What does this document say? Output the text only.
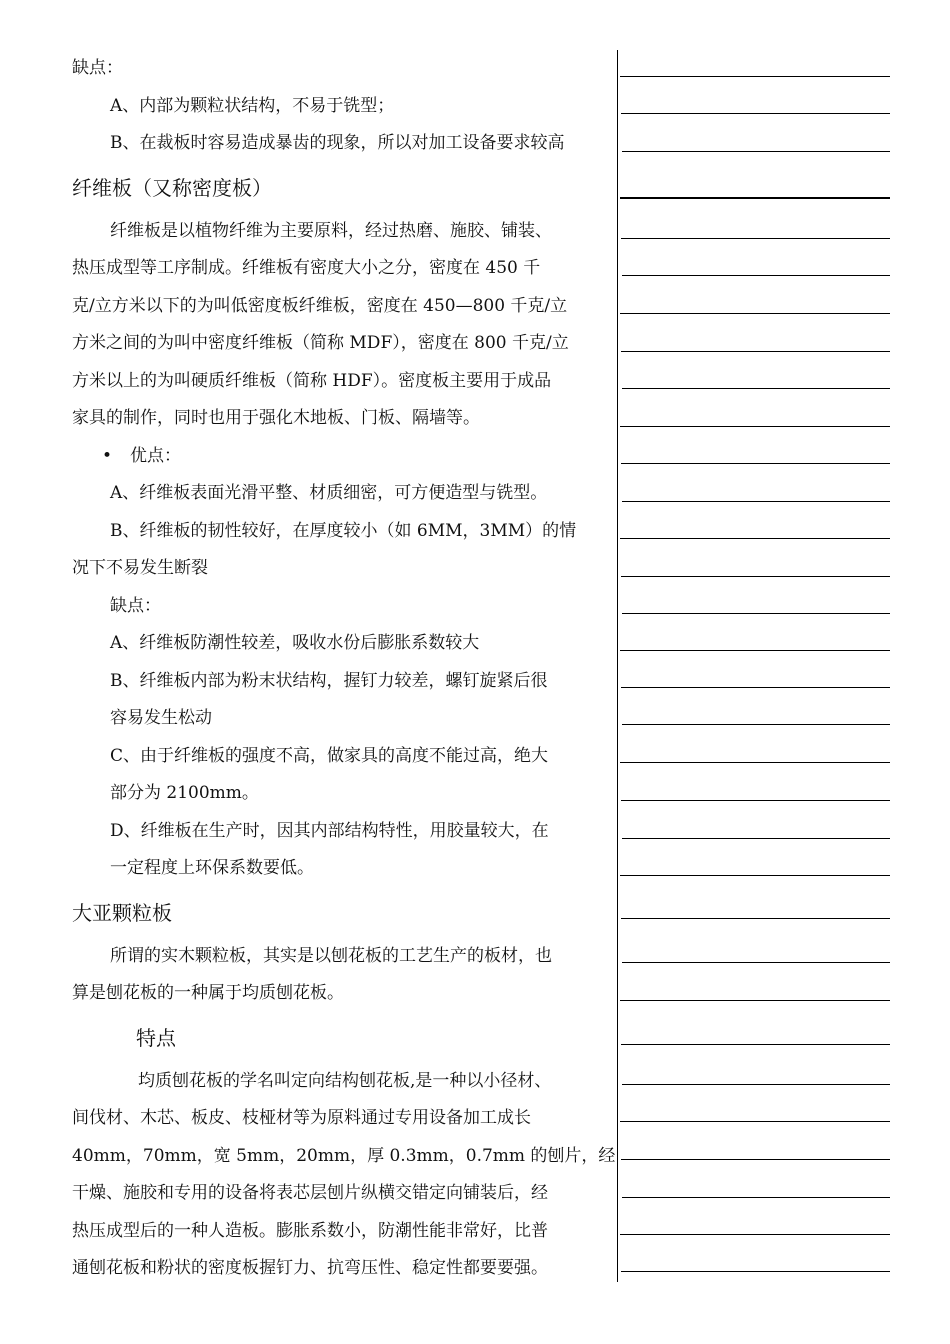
缺点：
A、内部为颗粒状结构，不易于铣型；
B、在裁板时容易造成暴齿的现象，所以对加工设备要求较高
纤维板（又称密度板）
纤维板是以植物纤维为主要原料，经过热磨、施胶、铺装、
热压成型等工序制成。纤维板有密度大小之分，密度在 450 千
克/立方米以下的为叫低密度板纤维板，密度在 450—800 千克/立
方米之间的为叫中密度纤维板（简称 MDF），密度在 800 千克/立
方米以上的为叫硬质纤维板（简称 HDF）。密度板主要用于成品
家具的制作，同时也用于强化木地板、门板、隔墙等。
• 优点：
A、纤维板表面光滑平整、材质细密，可方便造型与铣型。
B、纤维板的韧性较好，在厚度较小（如 6MM，3MM）的情
况下不易发生断裂
缺点：
A、纤维板防潮性较差，吸收水份后膨胀系数较大
B、纤维板内部为粉末状结构，握钉力较差，螺钉旋紧后很
容易发生松动
C、由于纤维板的强度不高，做家具的高度不能过高，绝大
部分为 2100mm。
D、纤维板在生产时，因其内部结构特性，用胶量较大，在
一定程度上环保系数要低。
大亚颗粒板
所谓的实木颗粒板，其实是以刨花板的工艺生产的板材，也
算是刨花板的一种属于均质刨花板。
特点
均质刨花板的学名叫定向结构刨花板,是一种以小径材、
间伐材、木芯、板皮、枝桠材等为原料通过专用设备加工成长
40mm，70mm，宽 5mm，20mm，厚 0.3mm，0.7mm 的刨片，经
干燥、施胶和专用的设备将表芯层刨片纵横交错定向铺装后，经
热压成型后的一种人造板。膨胀系数小，防潮性能非常好，比普
通刨花板和粉状的密度板握钉力、抗弯压性、稳定性都要要强。
